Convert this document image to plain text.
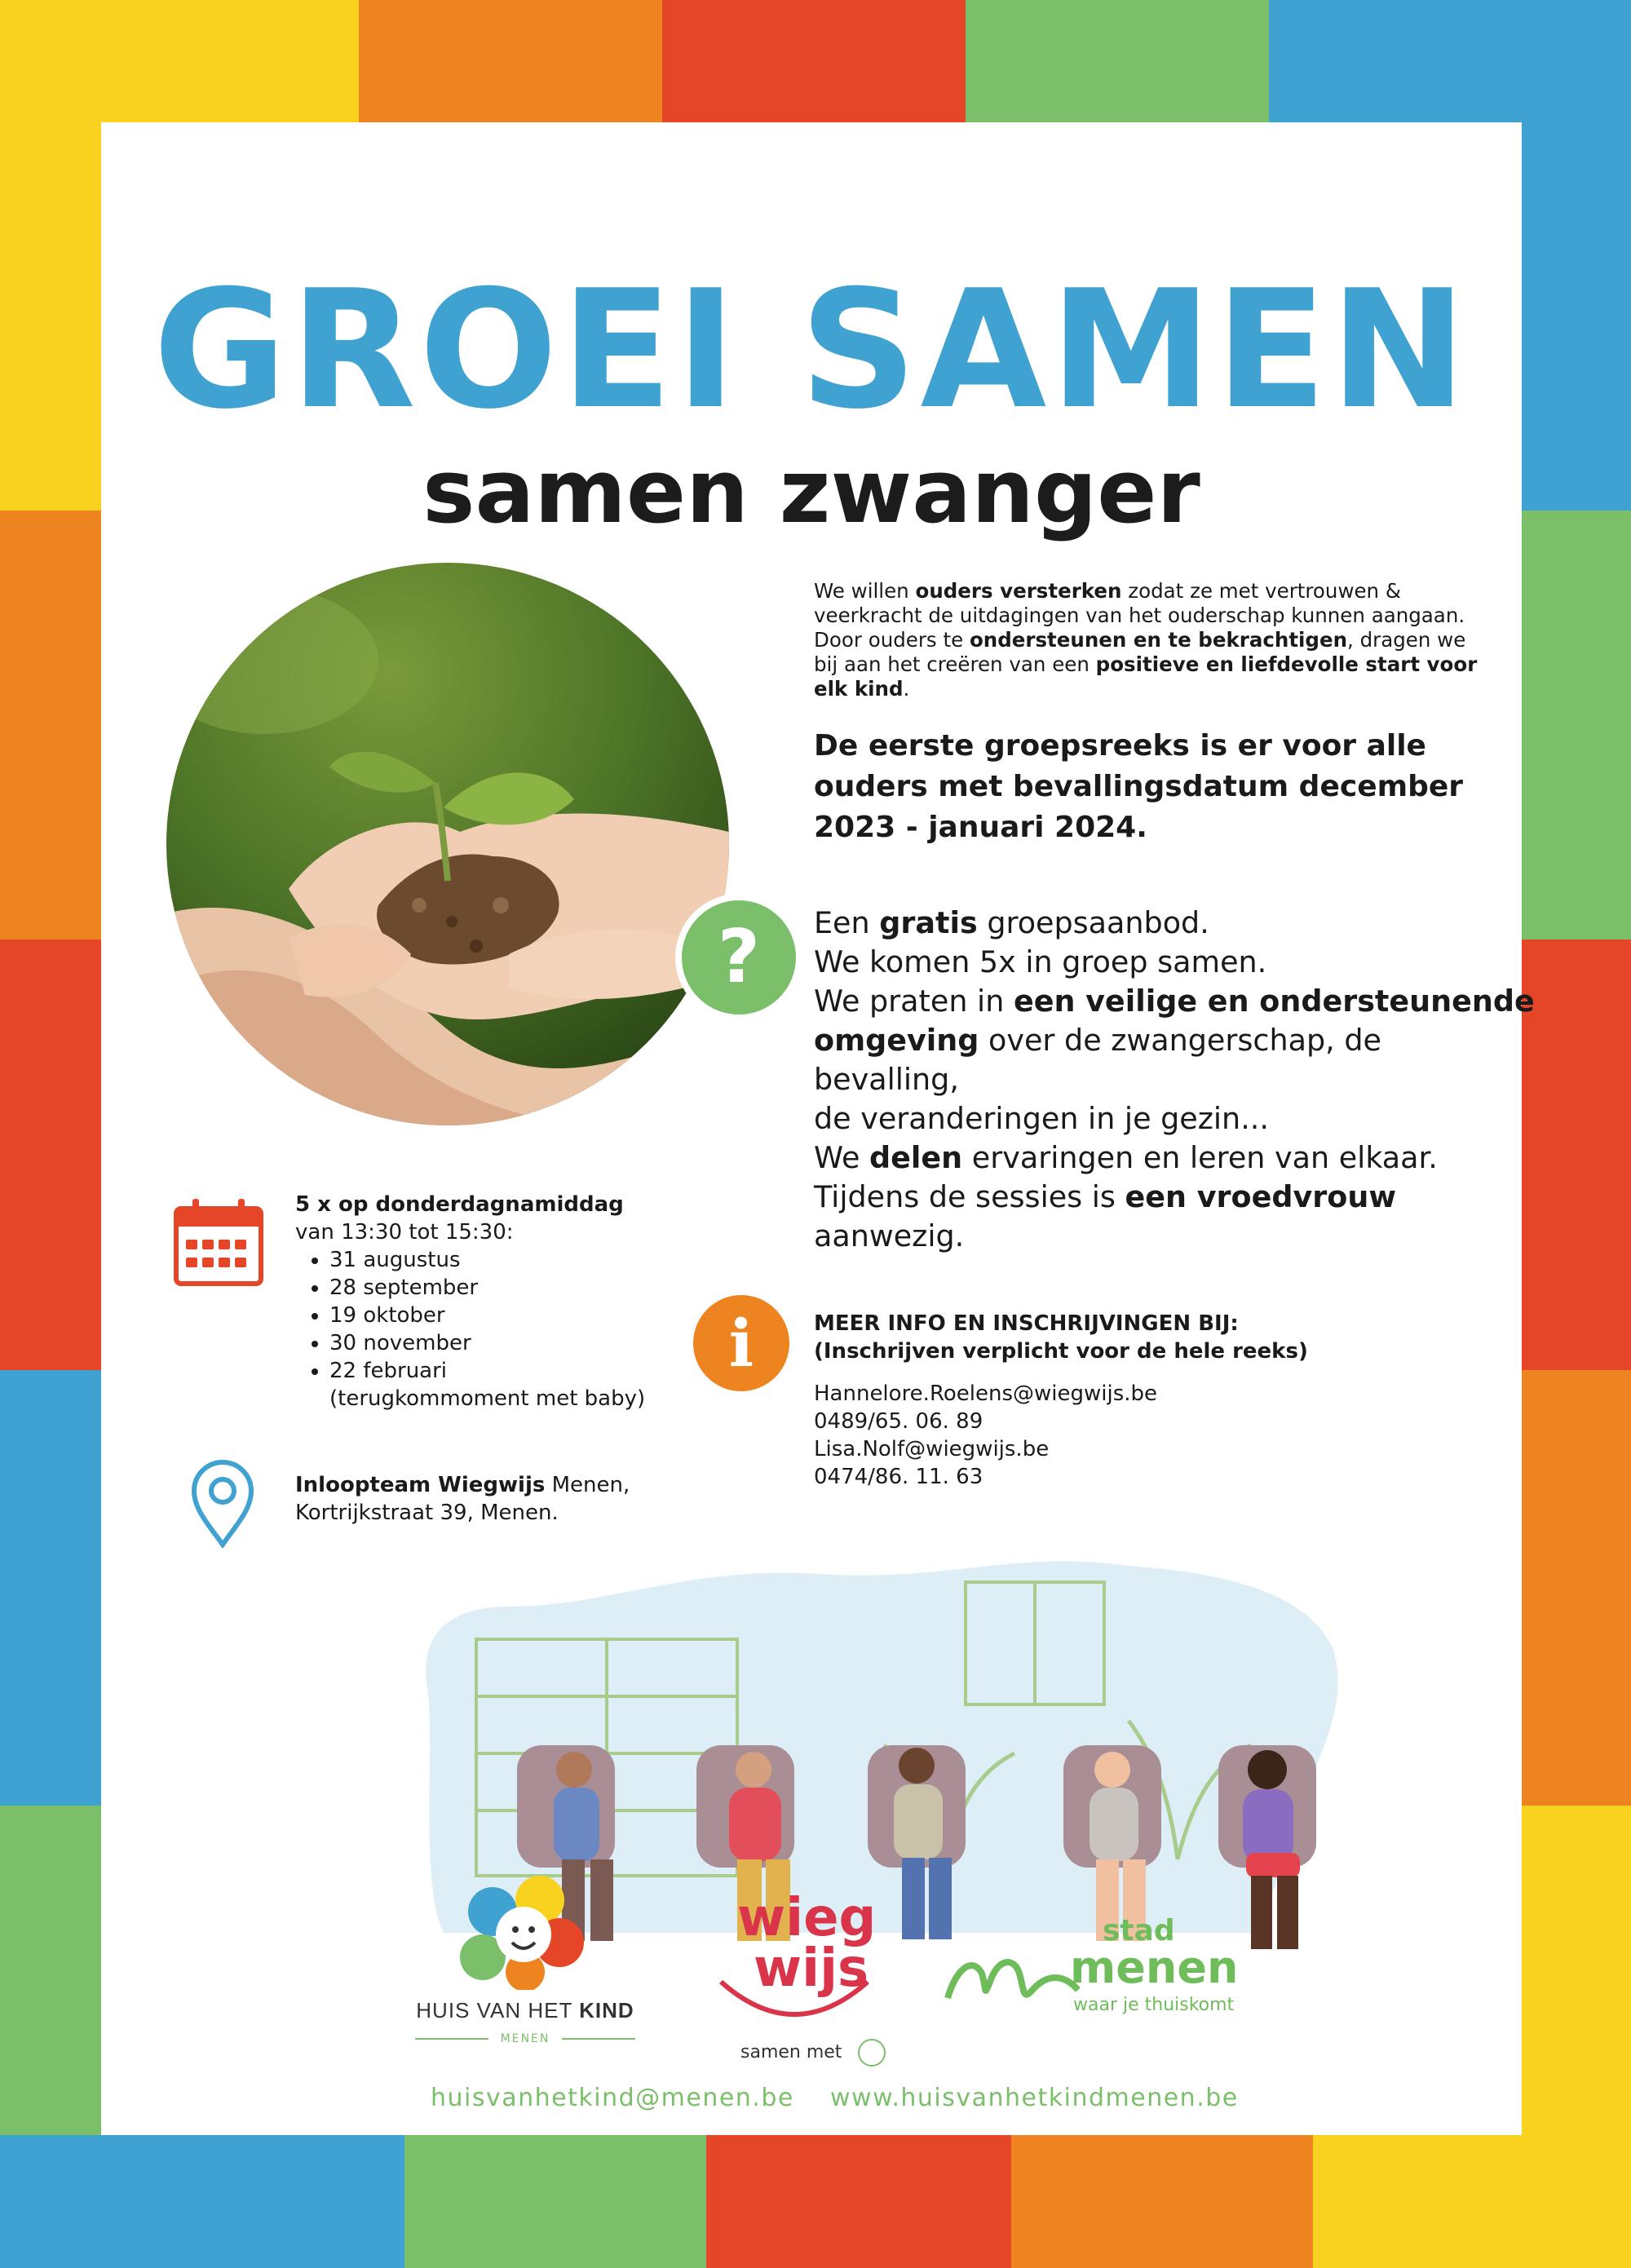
GROEI SAMEN
samen zwanger
?
We willen ouders versterken zodat ze met vertrouwen & veerkracht de uitdagingen van het ouderschap kunnen aangaan.
Door ouders te ondersteunen en te bekrachtigen, dragen we bij aan het creëren van een positieve en liefdevolle start voor elk kind.
De eerste groepsreeks is er voor alle ouders met bevallingsdatum december 2023 - januari 2024.
Een gratis groepsaanbod.
We komen 5x in groep samen.
We praten in een veilige en ondersteunende
omgeving over de zwangerschap, de
bevalling,
de veranderingen in je gezin...
We delen ervaringen en leren van elkaar.
Tijdens de sessies is een vroedvrouw
aanwezig.
5 x op donderdagnamiddag
van 13:30 tot 15:30:
• 31 augustus
• 28 september
• 19 oktober
• 30 november
• 22 februari
(terugkommoment met baby)
Inloopteam Wiegwijs Menen,
Kortrijkstraat 39, Menen.
i	MEER INFO EN INSCHRIJVINGEN BIJ:
(Inschrijven verplicht voor de hele reeks)
Hannelore.Roelens@wiegwijs.be
0489/65. 06. 89
Lisa.Nolf@wiegwijs.be
0474/86. 11. 63
HUIS VAN HET KIND
MENEN
wieg
wijs
samen met
stad
menen
waar je thuiskomt
huisvanhetkind@menen.be www.huisvanhetkindmenen.be
